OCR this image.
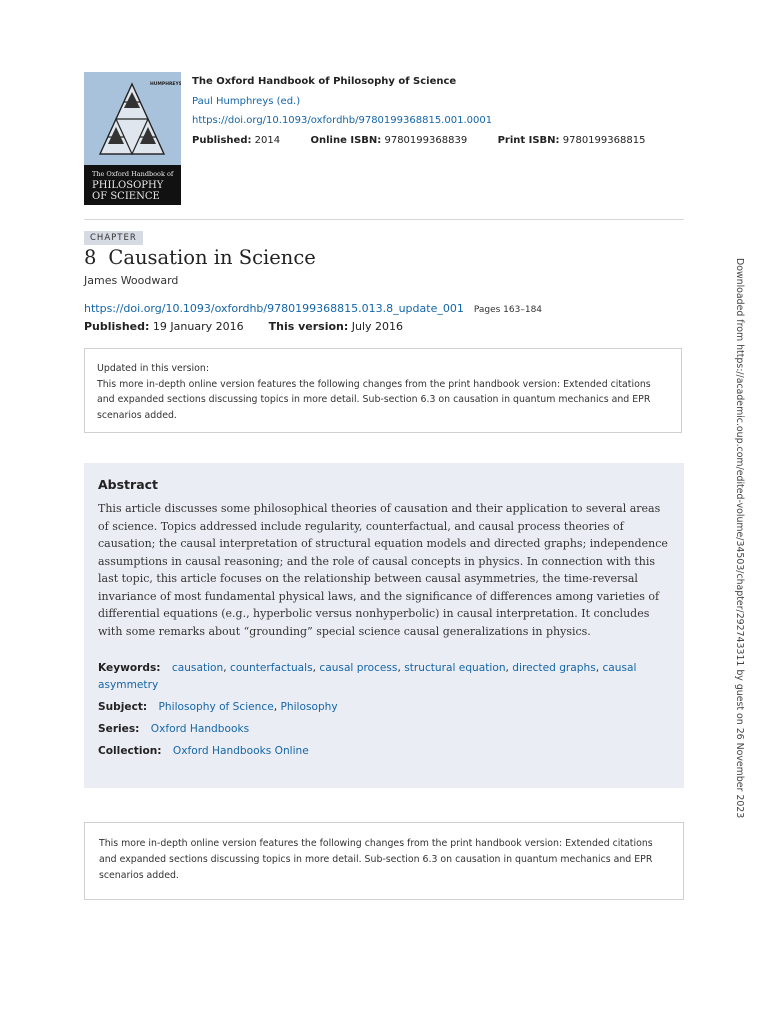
HUMPHREYS
The Oxford Handbook of
PHILOSOPHY
OF SCIENCE
The Oxford Handbook of Philosophy of Science
Paul Humphreys (ed.)
https://doi.org/10.1093/oxfordhb/9780199368815.001.0001
Published: 2014	Online ISBN: 9780199368839	Print ISBN: 9780199368815
CHAPTER
8 Causation in Science
James Woodward
https://doi.org/10.1093/oxfordhb/9780199368815.013.8_update_001 Pages 163–184
Published: 19 January 2016 This version: July 2016
Updated in this version:
This more in-depth online version features the following changes from the print handbook version: Extended citations and expanded sections discussing topics in more detail. Sub-section 6.3 on causation in quantum mechanics and EPR scenarios added.
Abstract
This article discusses some philosophical theories of causation and their application to several areas of science. Topics addressed include regularity, counterfactual, and causal process theories of causation; the causal interpretation of structural equation models and directed graphs; independence assumptions in causal reasoning; and the role of causal concepts in physics. In connection with this last topic, this article focuses on the relationship between causal asymmetries, the time-reversal invariance of most fundamental physical laws, and the significance of differences among varieties of differential equations (e.g., hyperbolic versus nonhyperbolic) in causal interpretation. It concludes with some remarks about “grounding” special science causal generalizations in physics.
Keywords: causation, counterfactuals, causal process, structural equation, directed graphs, causal asymmetry
Subject: Philosophy of Science, Philosophy
Series: Oxford Handbooks
Collection: Oxford Handbooks Online
This more in-depth online version features the following changes from the print handbook version: Extended citations and expanded sections discussing topics in more detail. Sub-section 6.3 on causation in quantum mechanics and EPR scenarios added.
Downloaded from https://academic.oup.com/edited-volume/34503/chapter/292743311 by guest on 26 November 2023
